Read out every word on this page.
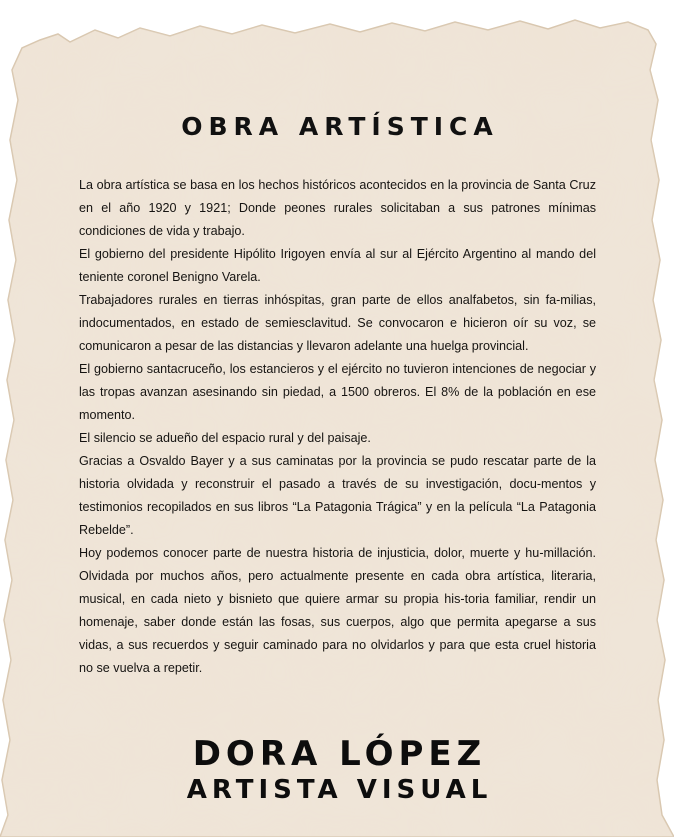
OBRA ARTÍSTICA

La obra artística se basa en los hechos históricos acontecidos en la provincia de Santa Cruz en el año 1920 y 1921; Donde peones rurales solicitaban a sus patrones mínimas condiciones de vida y trabajo.

El gobierno del presidente Hipólito Irigoyen envía al sur al Ejército Argentino al mando del teniente coronel Benigno Varela.

Trabajadores rurales en tierras inhóspitas, gran parte de ellos analfabetos, sin fa-milias, indocumentados, en estado de semiesclavitud. Se convocaron e hicieron oír su voz, se comunicaron a pesar de las distancias y llevaron adelante una huelga provincial.

El gobierno santacruceño, los estancieros y el ejército no tuvieron intenciones de negociar y las tropas avanzan asesinando sin piedad, a 1500 obreros. El 8% de la población en ese momento.

El silencio se adueño del espacio rural y del paisaje.

Gracias a Osvaldo Bayer y a sus caminatas por la provincia se pudo rescatar parte de la historia olvidada y reconstruir el pasado a través de su investigación, docu-mentos y testimonios recopilados en sus libros “La Patagonia Trágica” y en la película “La Patagonia Rebelde”.

Hoy podemos conocer parte de nuestra historia de injusticia, dolor, muerte y hu-millación. Olvidada por muchos años, pero actualmente presente en cada obra artística, literaria, musical, en cada nieto y bisnieto que quiere armar su propia his-toria familiar, rendir un homenaje, saber donde están las fosas, sus cuerpos, algo que permita apegarse a sus vidas, a sus recuerdos y seguir caminado para no olvidarlos y para que esta cruel historia no se vuelva a repetir.

DORA LÓPEZ
ARTISTA VISUAL
